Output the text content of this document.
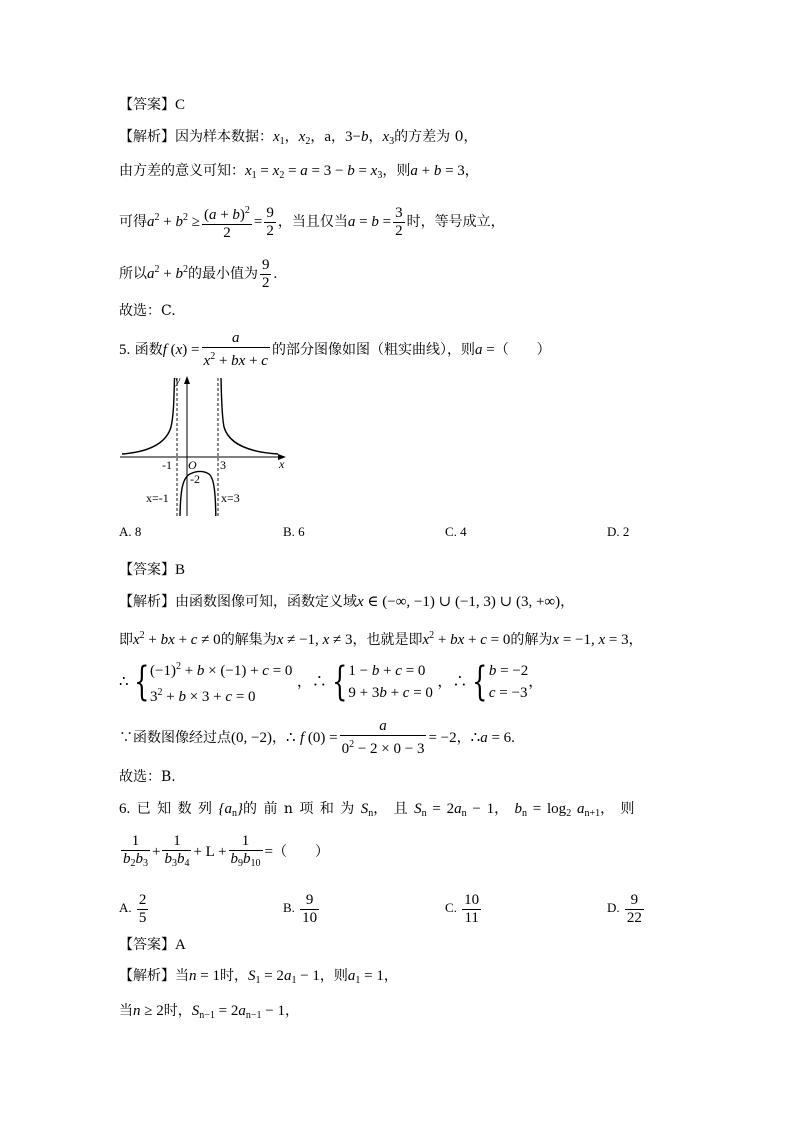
【答案】C
【解析】因为样本数据：$x_1$，$x_2$，a，3−b，$x_3$的方差为 0，
由方差的意义可知：$x_1 = x_2 = a = 3 - b = x_3$，则a + b = 3，
可得$a^2 + b^2 \ge \frac{(a + b)^2}{2} = \frac{9}{2}$ ，当且仅当$a = b = \frac{3}{2}$ 时，等号成立，
所以$a^2 + b^2$的最小值为 $\frac{9}{2}$ .
故选：C.
5. 函数f $(x) = \frac{a}{x^2 + bx + c}$ 的部分图像如图（粗实曲线），则a =（　　）
y
x
O
-1	3
-2
x=-1	x=3
A. 8	B. 6	C. 4	D. 2
【答案】B
【解析】由函数图像可知，函数定义域x ∈ (−∞, −1) ∪ (−1, 3) ∪ (3, +∞)，
即$x^2$ + bx + c ≠ 0的解集为x ≠ −1, x ≠ 3，也就是即$x^2$ + bx + c = 0的解为x = −1, x = 3，
∴ {$(-1)^2 + b \times (-1) + c = 0$
$3^2 + b \times 3 + c = 0$ ，∴ {1 − b + c = 0
9 + 3b + c = 0 ，∴ {b = −2
c = −3，
∵函数图像经过点(0, −2)，∴ f $(0) = \frac{a}{0^2 - 2 \times 0 - 3} = -2$，∴a = 6.
故选：B.
6. 已 知 数 列 $\{a_n\}$的 前 n 项 和 为 $S_n$， 且 $S_n = 2a_n - 1$， $b_n = \log_2 a_{n+1}$， 则
$\frac{1}{b_2b_3} + \frac{1}{b_3b_4} + L + \frac{1}{b_9b_{10}}$ =（　　）
A. $\frac{2}{5}$	B. $\frac{9}{10}$	C. $\frac{10}{11}$	D. $\frac{9}{22}$
【答案】A
【解析】当n = 1时，$S_1 = 2a_1 - 1$，则$a_1 = 1$，
当n ≥ 2时，$S_{n-1} = 2a_{n-1} - 1$，
